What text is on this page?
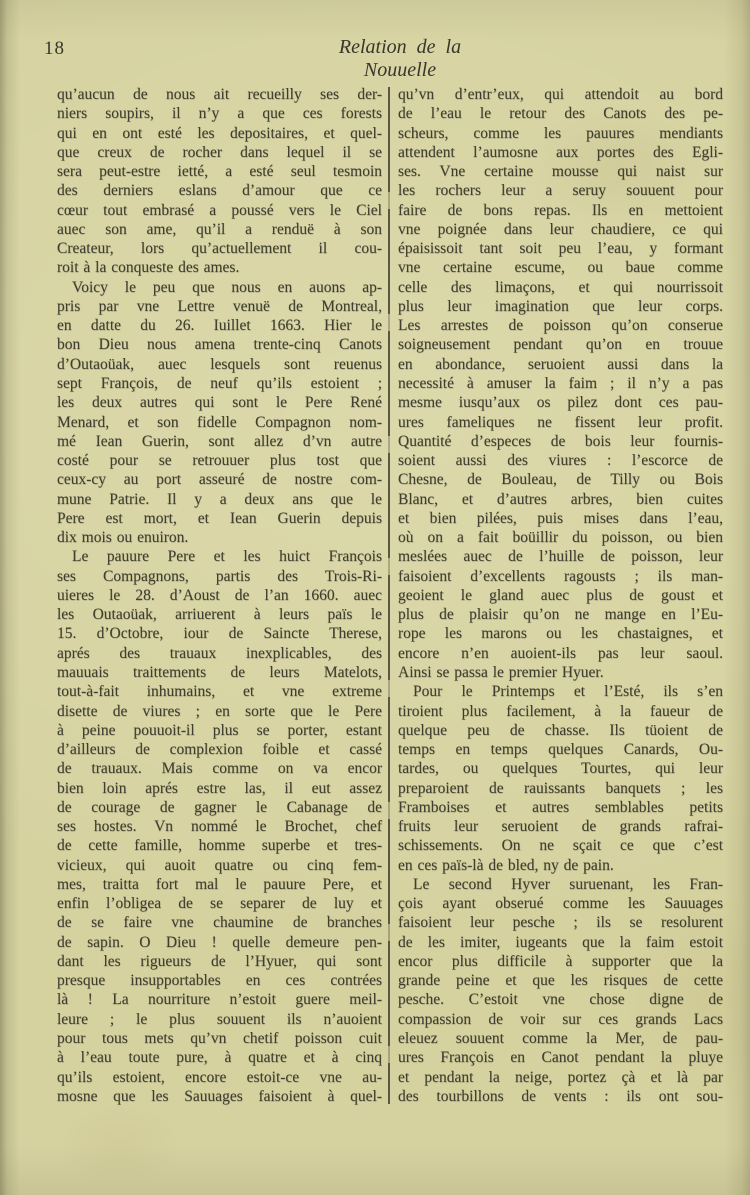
18	Relation de la Nouuelle
qu’aucun de nous ait recueilly ses der-
niers soupirs, il n’y a que ces forests
qui en ont esté les depositaires, et quel-
que creux de rocher dans lequel il se
sera peut-estre ietté, a esté seul tesmoin
des derniers eslans d’amour que ce
cœur tout embrasé a poussé vers le Ciel
auec son ame, qu’il a renduë à son
Createur, lors qu’actuellement il cou-
roit à la conqueste des ames.
Voicy le peu que nous en auons ap-
pris par vne Lettre venuë de Montreal,
en datte du 26. Iuillet 1663. Hier le
bon Dieu nous amena trente-cinq Canots
d’Outaoüak, auec lesquels sont reuenus
sept François, de neuf qu’ils estoient ;
les deux autres qui sont le Pere René
Menard, et son fidelle Compagnon nom-
mé Iean Guerin, sont allez d’vn autre
costé pour se retrouuer plus tost que
ceux-cy au port asseuré de nostre com-
mune Patrie. Il y a deux ans que le
Pere est mort, et Iean Guerin depuis
dix mois ou enuiron.
Le pauure Pere et les huict François
ses Compagnons, partis des Trois-Ri-
uieres le 28. d’Aoust de l’an 1660. auec
les Outaoüak, arriuerent à leurs païs le
15. d’Octobre, iour de Saincte Therese,
aprés des trauaux inexplicables, des
mauuais traittements de leurs Matelots,
tout-à-fait inhumains, et vne extreme
disette de viures ; en sorte que le Pere
à peine pouuoit-il plus se porter, estant
d’ailleurs de complexion foible et cassé
de trauaux. Mais comme on va encor
bien loin aprés estre las, il eut assez
de courage de gagner le Cabanage de
ses hostes. Vn nommé le Brochet, chef
de cette famille, homme superbe et tres-
vicieux, qui auoit quatre ou cinq fem-
mes, traitta fort mal le pauure Pere, et
enfin l’obligea de se separer de luy et
de se faire vne chaumine de branches
de sapin. O Dieu ! quelle demeure pen-
dant les rigueurs de l’Hyuer, qui sont
presque insupportables en ces contrées
là ! La nourriture n’estoit guere meil-
leure ; le plus souuent ils n’auoient
pour tous mets qu’vn chetif poisson cuit
à l’eau toute pure, à quatre et à cinq
qu’ils estoient, encore estoit-ce vne au-
mosne que les Sauuages faisoient à quel-
qu’vn d’entr’eux, qui attendoit au bord
de l’eau le retour des Canots des pe-
scheurs, comme les pauures mendiants
attendent l’aumosne aux portes des Egli-
ses. Vne certaine mousse qui naist sur
les rochers leur a seruy souuent pour
faire de bons repas. Ils en mettoient
vne poignée dans leur chaudiere, ce qui
épaisissoit tant soit peu l’eau, y formant
vne certaine escume, ou baue comme
celle des limaçons, et qui nourrissoit
plus leur imagination que leur corps.
Les arrestes de poisson qu’on conserue
soigneusement pendant qu’on en trouue
en abondance, seruoient aussi dans la
necessité à amuser la faim ; il n’y a pas
mesme iusqu’aux os pilez dont ces pau-
ures fameliques ne fissent leur profit.
Quantité d’especes de bois leur fournis-
soient aussi des viures : l’escorce de
Chesne, de Bouleau, de Tilly ou Bois
Blanc, et d’autres arbres, bien cuites
et bien pilées, puis mises dans l’eau,
où on a fait boüillir du poisson, ou bien
meslées auec de l’huille de poisson, leur
faisoient d’excellents ragousts ; ils man-
geoient le gland auec plus de goust et
plus de plaisir qu’on ne mange en l’Eu-
rope les marons ou les chastaignes, et
encore n’en auoient-ils pas leur saoul.
Ainsi se passa le premier Hyuer.
Pour le Printemps et l’Esté, ils s’en
tiroient plus facilement, à la faueur de
quelque peu de chasse. Ils tüoient de
temps en temps quelques Canards, Ou-
tardes, ou quelques Tourtes, qui leur
preparoient de rauissants banquets ; les
Framboises et autres semblables petits
fruits leur seruoient de grands rafrai-
schissements. On ne sçait ce que c’est
en ces païs-là de bled, ny de pain.
Le second Hyver suruenant, les Fran-
çois ayant obserué comme les Sauuages
faisoient leur pesche ; ils se resolurent
de les imiter, iugeants que la faim estoit
encor plus difficile à supporter que la
grande peine et que les risques de cette
pesche. C’estoit vne chose digne de
compassion de voir sur ces grands Lacs
eleuez souuent comme la Mer, de pau-
ures François en Canot pendant la pluye
et pendant la neige, portez çà et là par
des tourbillons de vents : ils ont sou-
